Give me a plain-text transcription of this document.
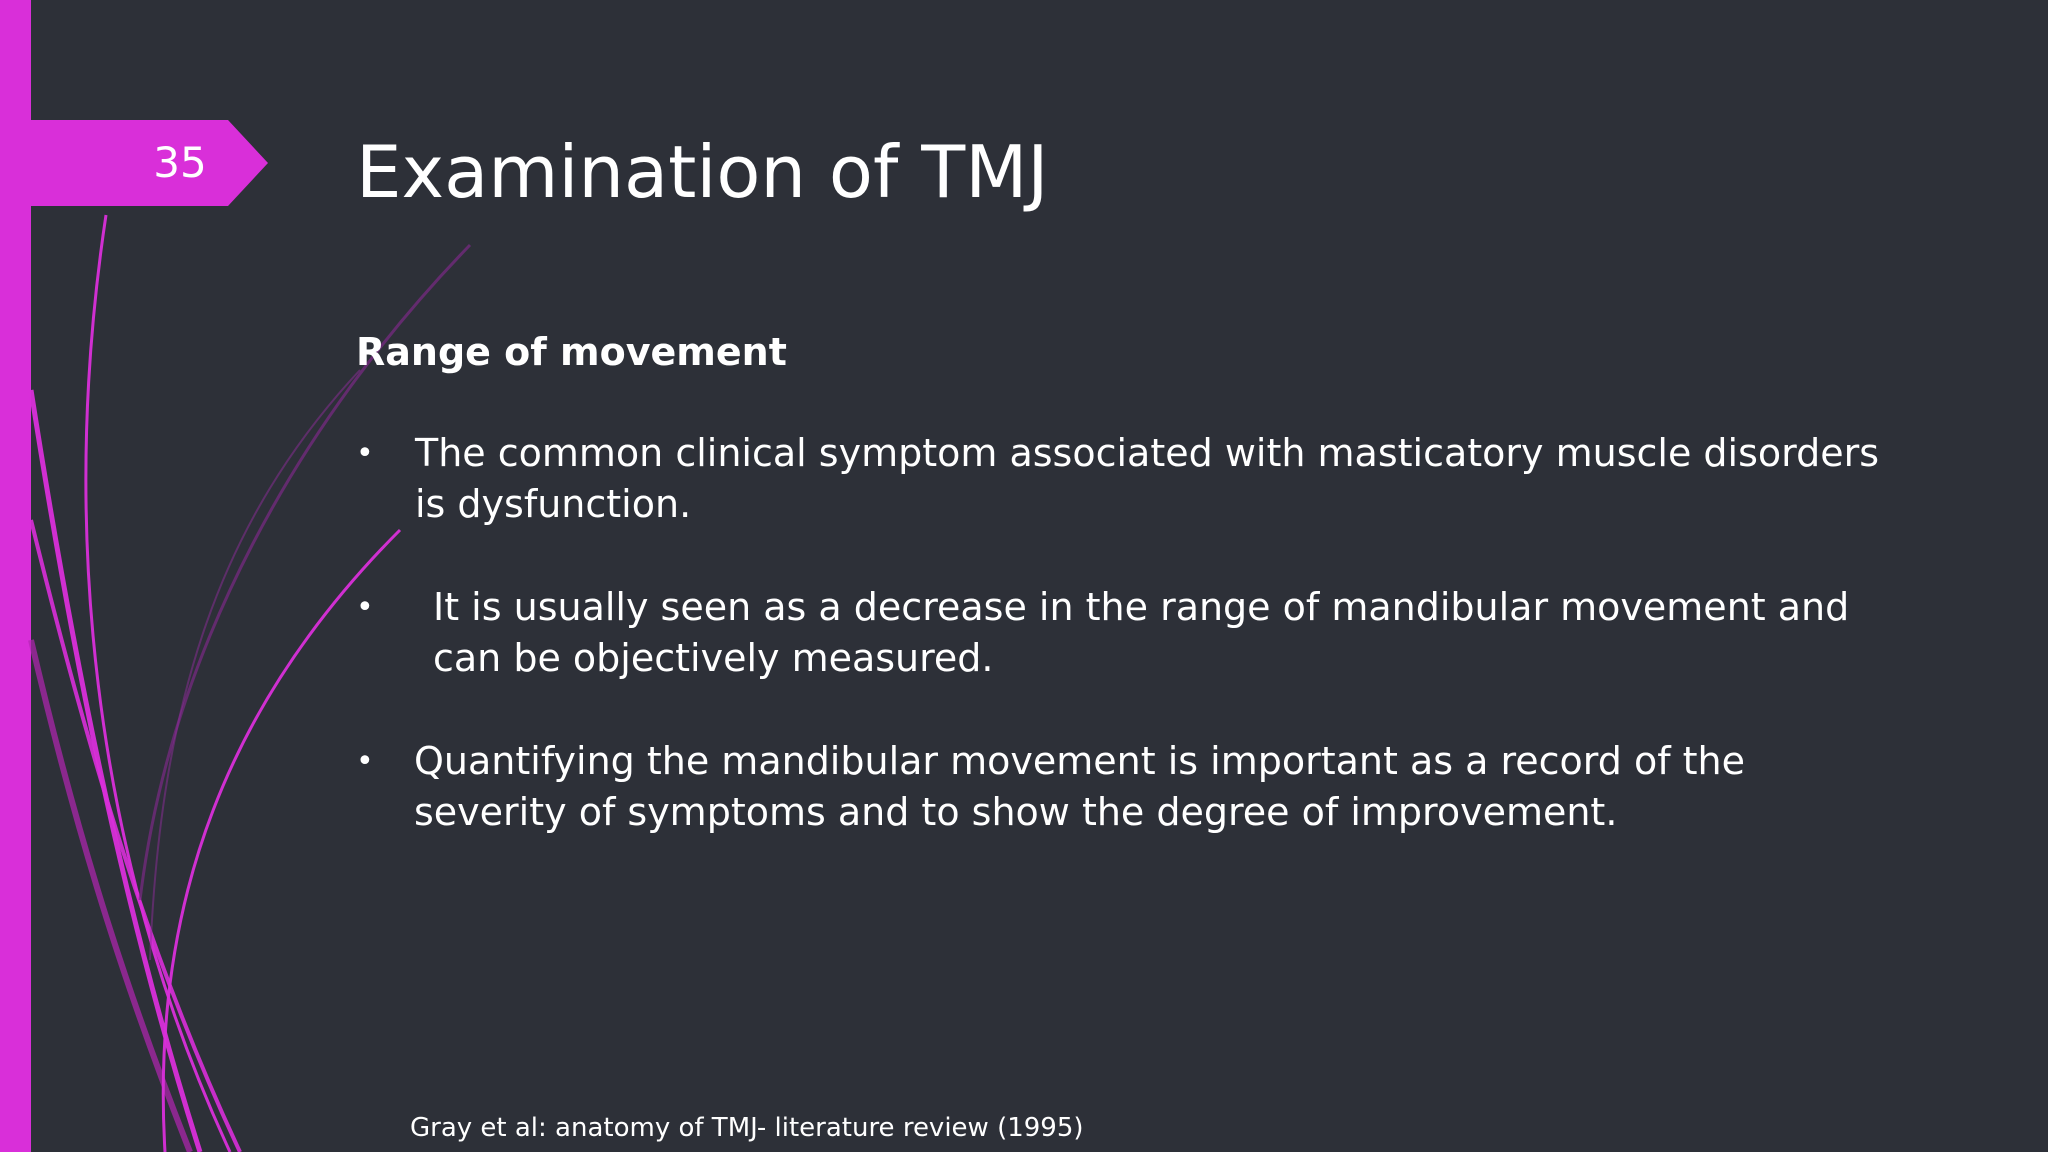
35 Examination of TMJ
Range of movement
•	The common clinical symptom associated with masticatory muscle disorders
is dysfunction.
•	It is usually seen as a decrease in the range of mandibular movement and
can be objectively measured.
•	Quantifying the mandibular movement is important as a record of the
severity of symptoms and to show the degree of improvement.
Gray et al: anatomy of TMJ- literature review (1995)
